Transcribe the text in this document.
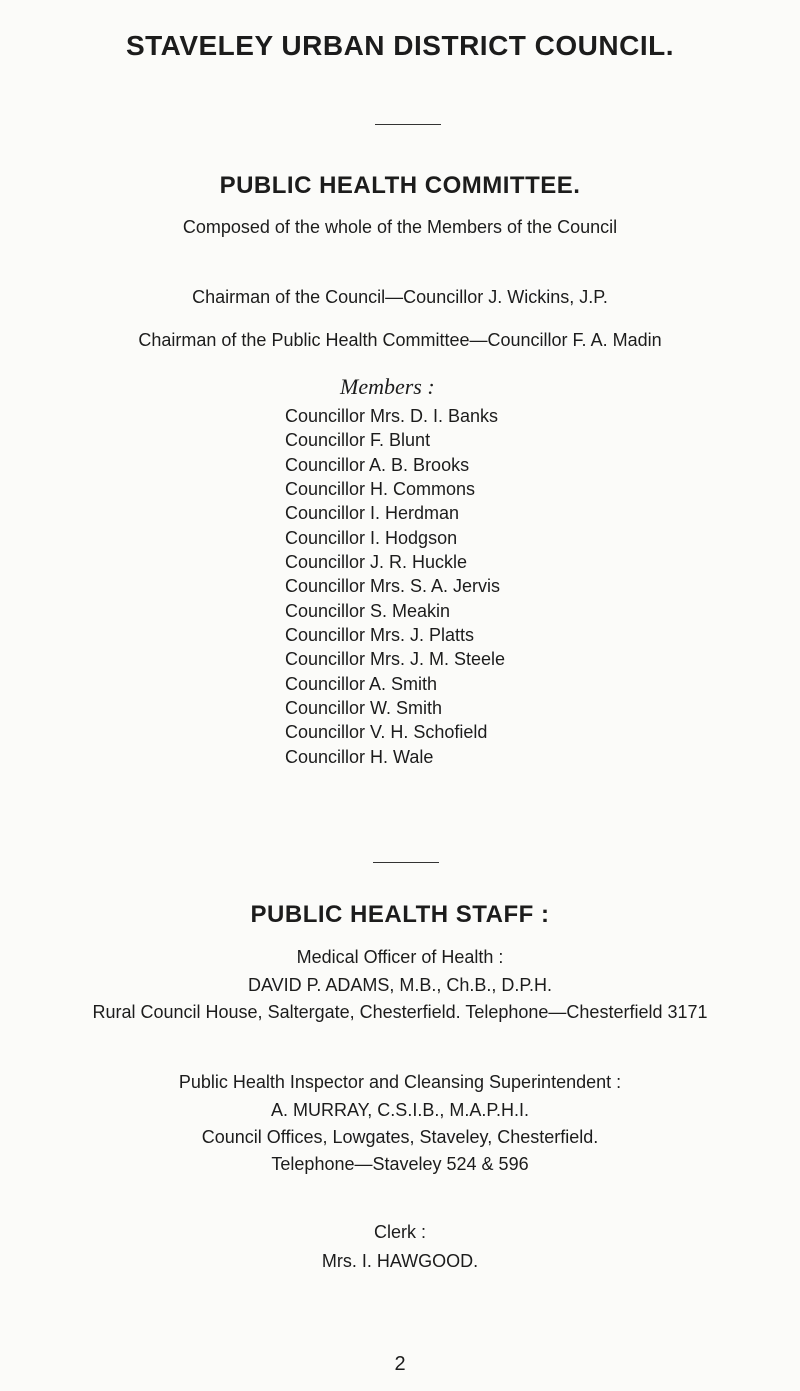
STAVELEY URBAN DISTRICT COUNCIL.
PUBLIC HEALTH COMMITTEE.
Composed of the whole of the Members of the Council
Chairman of the Council—Councillor J. Wickins, J.P.
Chairman of the Public Health Committee—Councillor F. A. Madin
Members :
Councillor Mrs. D. I. Banks
Councillor F. Blunt
Councillor A. B. Brooks
Councillor H. Commons
Councillor I. Herdman
Councillor I. Hodgson
Councillor J. R. Huckle
Councillor Mrs. S. A. Jervis
Councillor S. Meakin
Councillor Mrs. J. Platts
Councillor Mrs. J. M. Steele
Councillor A. Smith
Councillor W. Smith
Councillor V. H. Schofield
Councillor H. Wale
PUBLIC HEALTH STAFF :
Medical Officer of Health :
DAVID P. ADAMS, M.B., Ch.B., D.P.H.
Rural Council House, Saltergate, Chesterfield. Telephone—Chesterfield 3171
Public Health Inspector and Cleansing Superintendent :
A. MURRAY, C.S.I.B., M.A.P.H.I.
Council Offices, Lowgates, Staveley, Chesterfield.
Telephone—Staveley 524 & 596
Clerk :
Mrs. I. HAWGOOD.
2
